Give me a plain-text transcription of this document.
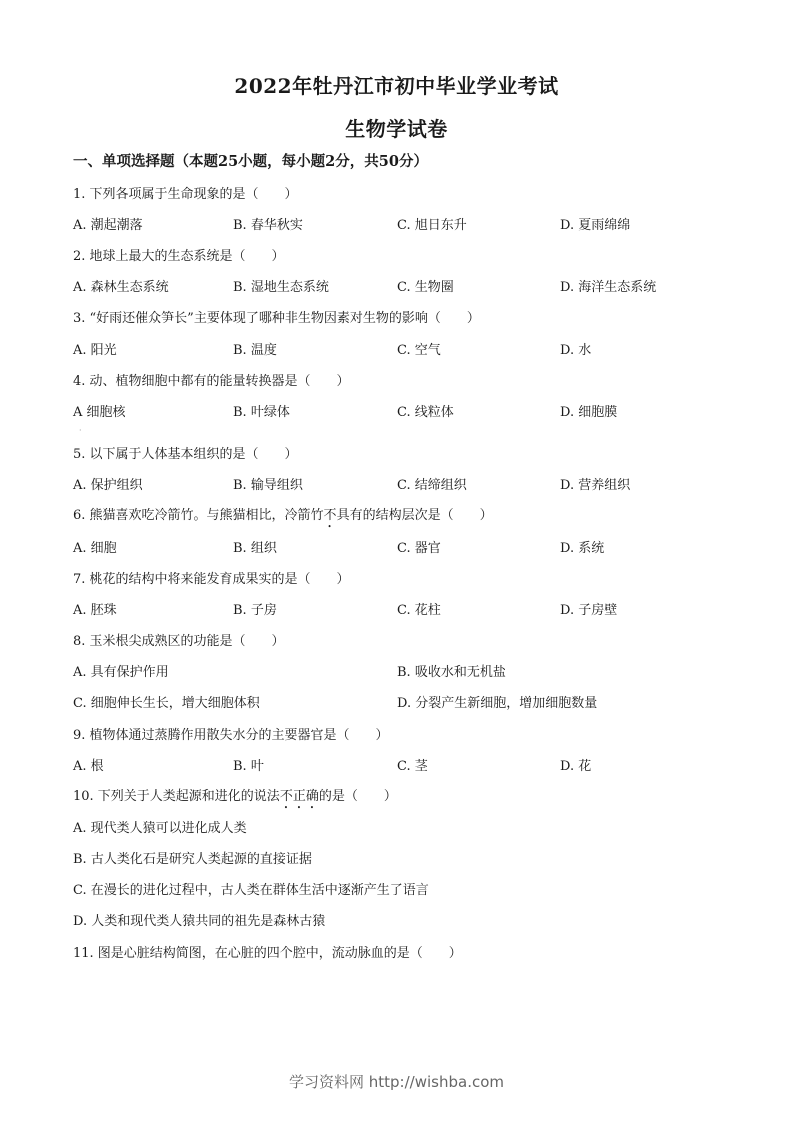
2022年牡丹江市初中毕业学业考试
生物学试卷
一、单项选择题（本题25小题，每小题2分，共50分）
1. 下列各项属于生命现象的是（　　）
A. 潮起潮落	B. 春华秋实	C. 旭日东升	D. 夏雨绵绵
2. 地球上最大的生态系统是（　　）
A. 森林生态系统	B. 湿地生态系统	C. 生物圈	D. 海洋生态系统
3. “好雨还催众笋长”主要体现了哪种非生物因素对生物的影响（　　）
A. 阳光	B. 温度	C. 空气	D. 水
4. 动、植物细胞中都有的能量转换器是（　　）
A 细胞核	B. 叶绿体	C. 线粒体	D. 细胞膜
·
5. 以下属于人体基本组织的是（　　）
A. 保护组织	B. 输导组织	C. 结缔组织	D. 营养组织
6. 熊猫喜欢吃冷箭竹。与熊猫相比，冷箭竹不具有的结构层次是（　　）
A. 细胞	B. 组织	C. 器官	D. 系统
7. 桃花的结构中将来能发育成果实的是（　　）
A. 胚珠	B. 子房	C. 花柱	D. 子房壁
8. 玉米根尖成熟区的功能是（　　）
A. 具有保护作用	B. 吸收水和无机盐
C. 细胞伸长生长，增大细胞体积	D. 分裂产生新细胞，增加细胞数量
9. 植物体通过蒸腾作用散失水分的主要器官是（　　）
A. 根	B. 叶	C. 茎	D. 花
10. 下列关于人类起源和进化的说法不正确的是（　　）
A. 现代类人猿可以进化成人类
B. 古人类化石是研究人类起源的直接证据
C. 在漫长的进化过程中，古人类在群体生活中逐渐产生了语言
D. 人类和现代类人猿共同的祖先是森林古猿
11. 图是心脏结构简图，在心脏的四个腔中，流动脉血的是（　　）
学习资料网 http://wishba.com
